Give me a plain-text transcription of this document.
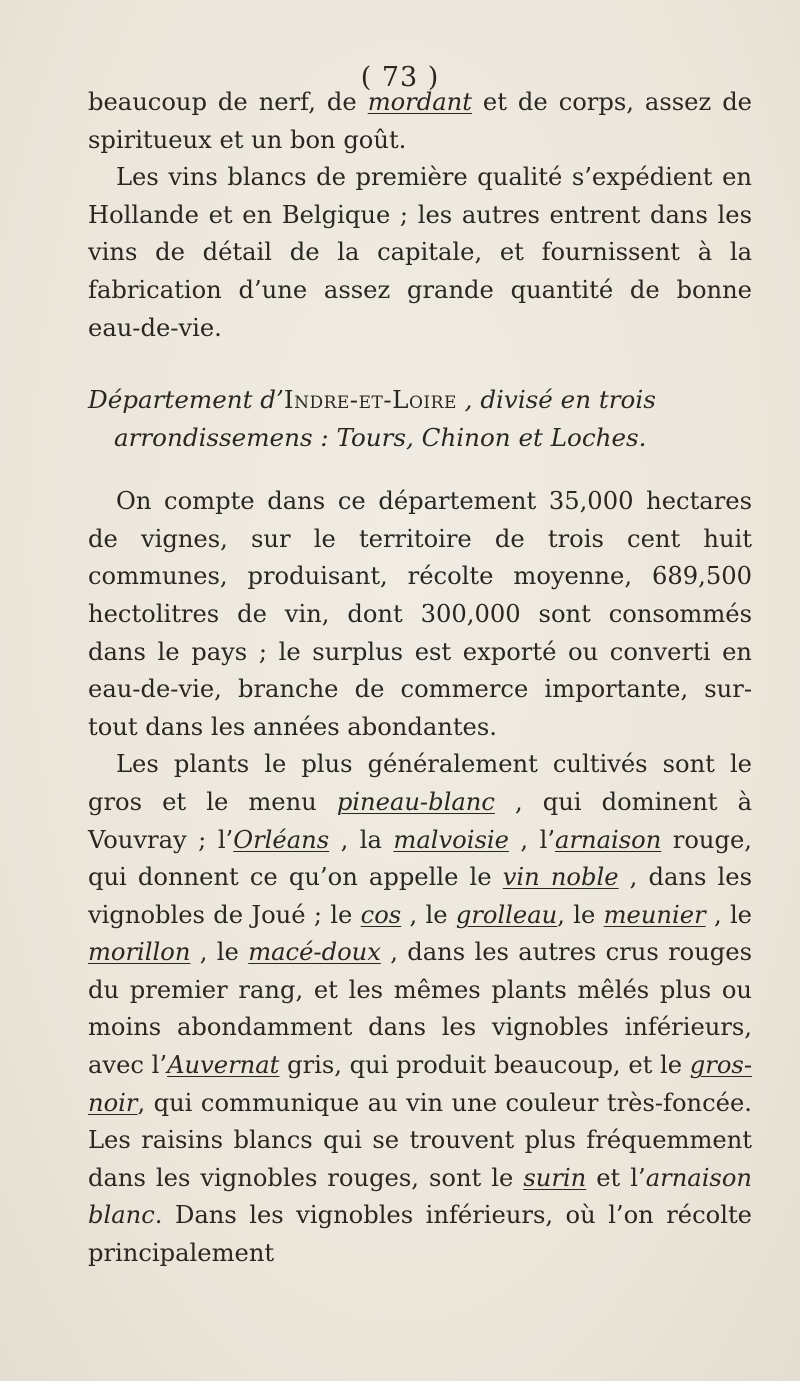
( 73 )

beaucoup de nerf, de mordant et de corps, assez de spiritueux et un bon goût.

Les vins blancs de première qualité s’expédient en Hollande et en Belgique ; les autres entrent dans les vins de détail de la capitale, et fournissent à la fabrication d’une assez grande quantité de bonne eau-de-vie.

Département d’Indre-et-Loire , divisé en trois arrondissemens : Tours, Chinon et Loches.

On compte dans ce département 35,000 hectares de vignes, sur le territoire de trois cent huit communes, produisant, récolte moyenne, 689,500 hectolitres de vin, dont 300,000 sont consommés dans le pays ; le surplus est exporté ou converti en eau-de-vie, branche de commerce importante, sur-tout dans les années abondantes.

Les plants le plus généralement cultivés sont le gros et le menu pineau-blanc , qui dominent à Vouvray ; l’Orléans , la malvoisie , l’arnaison rouge, qui donnent ce qu’on appelle le vin noble , dans les vignobles de Joué ; le cos , le grolleau, le meunier , le morillon , le macé-doux , dans les autres crus rouges du premier rang, et les mêmes plants mêlés plus ou moins abondamment dans les vignobles inférieurs, avec l’Auvernat gris, qui produit beaucoup, et le gros-noir, qui communique au vin une couleur très-foncée. Les raisins blancs qui se trouvent plus fréquemment dans les vignobles rouges, sont le surin et l’arnaison blanc. Dans les vignobles inférieurs, où l’on récolte principalement
